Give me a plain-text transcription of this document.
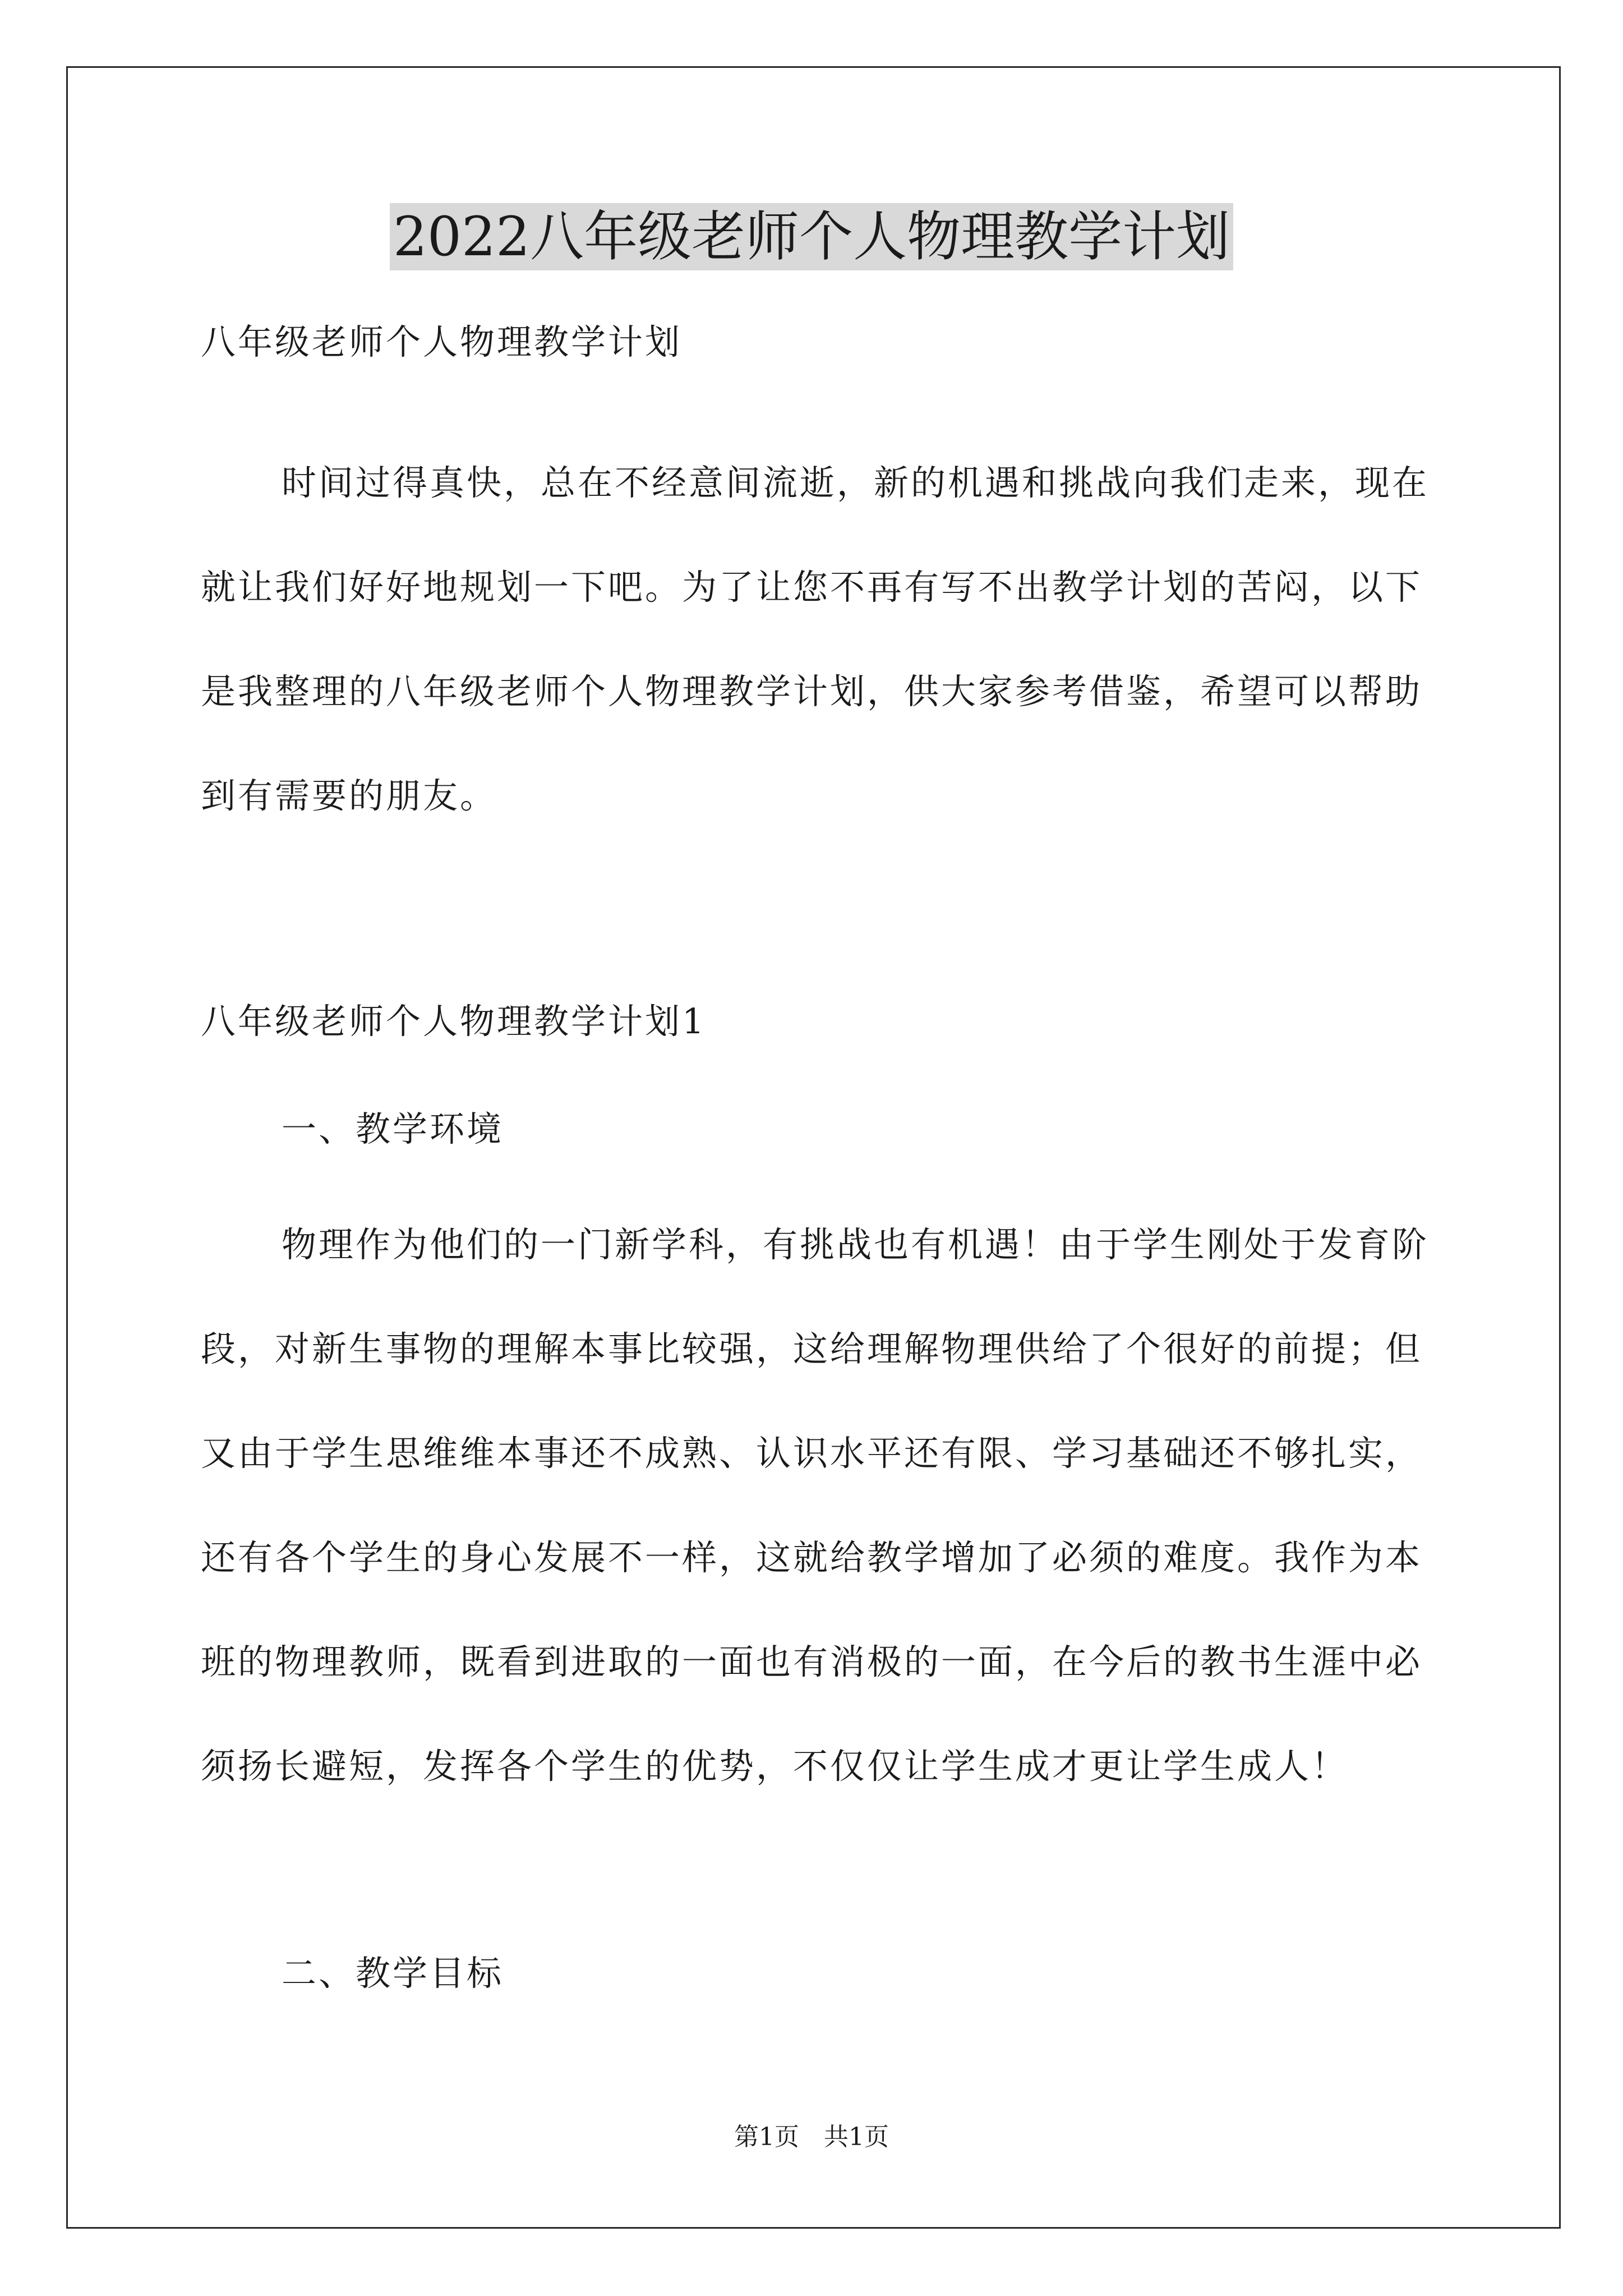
2022八年级老师个人物理教学计划

八年级老师个人物理教学计划

时间过得真快，总在不经意间流逝，新的机遇和挑战向我们走来，现在就让我们好好地规划一下吧。为了让您不再有写不出教学计划的苦闷，以下是我整理的八年级老师个人物理教学计划，供大家参考借鉴，希望可以帮助到有需要的朋友。

八年级老师个人物理教学计划1

一、教学环境

物理作为他们的一门新学科，有挑战也有机遇！由于学生刚处于发育阶段，对新生事物的理解本事比较强，这给理解物理供给了个很好的前提；但又由于学生思维维本事还不成熟、认识水平还有限、学习基础还不够扎实，还有各个学生的身心发展不一样，这就给教学增加了必须的难度。我作为本班的物理教师，既看到进取的一面也有消极的一面，在今后的教书生涯中必须扬长避短，发挥各个学生的优势，不仅仅让学生成才更让学生成人！

二、教学目标

第1页　共1页
